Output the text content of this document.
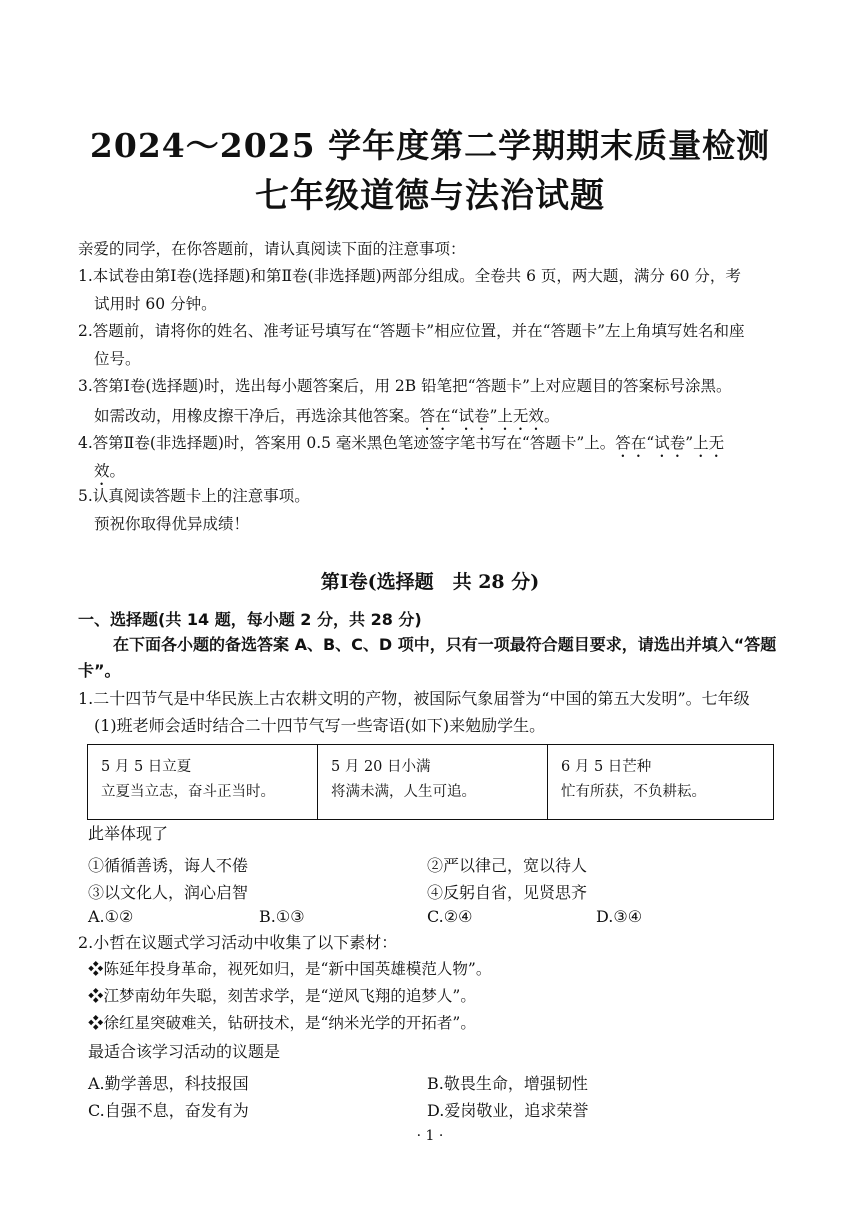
2024～2025 学年度第二学期期末质量检测
七年级道德与法治试题
亲爱的同学，在你答题前，请认真阅读下面的注意事项：
1.本试卷由第Ⅰ卷(选择题)和第Ⅱ卷(非选择题)两部分组成。全卷共 6 页，两大题，满分 60 分，考
试用时 60 分钟。
2.答题前，请将你的姓名、准考证号填写在“答题卡”相应位置，并在“答题卡”左上角填写姓名和座
位号。
3.答第Ⅰ卷(选择题)时，选出每小题答案后，用 2B 铅笔把“答题卡”上对应题目的答案标号涂黑。
如需改动，用橡皮擦干净后，再选涂其他答案。答在“试卷”上无效。
4.答第Ⅱ卷(非选择题)时，答案用 0.5 毫米黑色笔迹签字笔书写在“答题卡”上。答在“试卷”上无
效。
5.认真阅读答题卡上的注意事项。
预祝你取得优异成绩！
第Ⅰ卷(选择题　共 28 分)
一、选择题(共 14 题，每小题 2 分，共 28 分)
在下面各小题的备选答案 A、B、C、D 项中，只有一项最符合题目要求，请选出并填入“答题
卡”。
1.二十四节气是中华民族上古农耕文明的产物，被国际气象届誉为“中国的第五大发明”。七年级
(1)班老师会适时结合二十四节气写一些寄语(如下)来勉励学生。
5 月 5 日立夏
立夏当立志，奋斗正当时。

5 月 20 日小满
将满未满，人生可追。

6 月 5 日芒种
忙有所获，不负耕耘。
此举体现了
①循循善诱，诲人不倦	②严以律己，宽以待人
③以文化人，润心启智	④反躬自省，见贤思齐
A.①②	B.①③	C.②④	D.③④
2.小哲在议题式学习活动中收集了以下素材：
❖陈延年投身革命，视死如归，是“新中国英雄模范人物”。
❖江梦南幼年失聪，刻苦求学，是“逆风飞翔的追梦人”。
❖徐红星突破难关，钻研技术，是“纳米光学的开拓者”。
最适合该学习活动的议题是
A.勤学善思，科技报国	B.敬畏生命，增强韧性
C.自强不息，奋发有为	D.爱岗敬业，追求荣誉
· 1 ·
